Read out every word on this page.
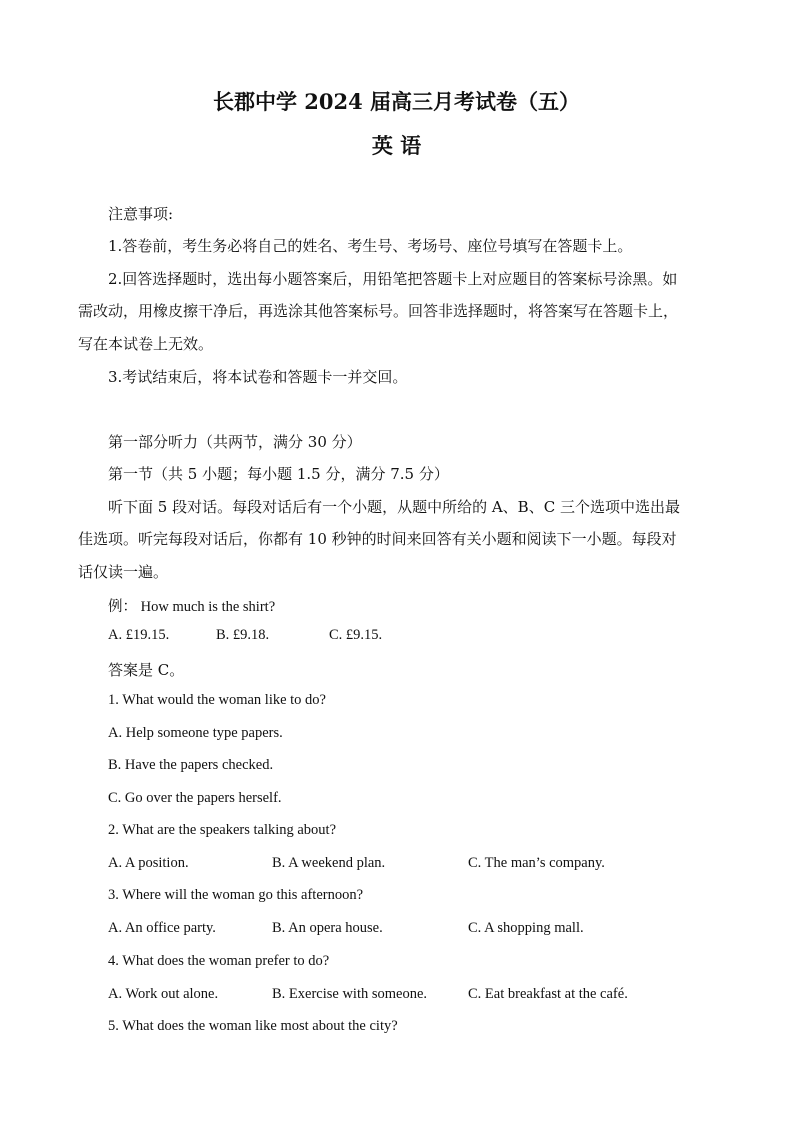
长郡中学 2024 届高三月考试卷（五）
英 语
注意事项:
1.答卷前，考生务必将自己的姓名、考生号、考场号、座位号填写在答题卡上。
2.回答选择题时，选出每小题答案后，用铅笔把答题卡上对应题目的答案标号涂黑。如
需改动，用橡皮擦干净后，再选涂其他答案标号。回答非选择题时，将答案写在答题卡上，
写在本试卷上无效。
3.考试结束后，将本试卷和答题卡一并交回。
第一部分听力（共两节，满分 30 分）
第一节（共 5 小题；每小题 1.5 分，满分 7.5 分）
听下面 5 段对话。每段对话后有一个小题，从题中所给的 A、B、C 三个选项中选出最
佳选项。听完每段对话后，你都有 10 秒钟的时间来回答有关小题和阅读下一小题。每段对
话仅读一遍。
例： How much is the shirt?
A. £19.15.	B. £9.18.	C. £9.15.
答案是 C。
1. What would the woman like to do?
A. Help someone type papers.
B. Have the papers checked.
C. Go over the papers herself.
2. What are the speakers talking about?
A. A position.	B. A weekend plan.	C. The man’s company.
3. Where will the woman go this afternoon?
A. An office party.	B. An opera house.	C. A shopping mall.
4. What does the woman prefer to do?
A. Work out alone.	B. Exercise with someone.	C. Eat breakfast at the café.
5. What does the woman like most about the city?
